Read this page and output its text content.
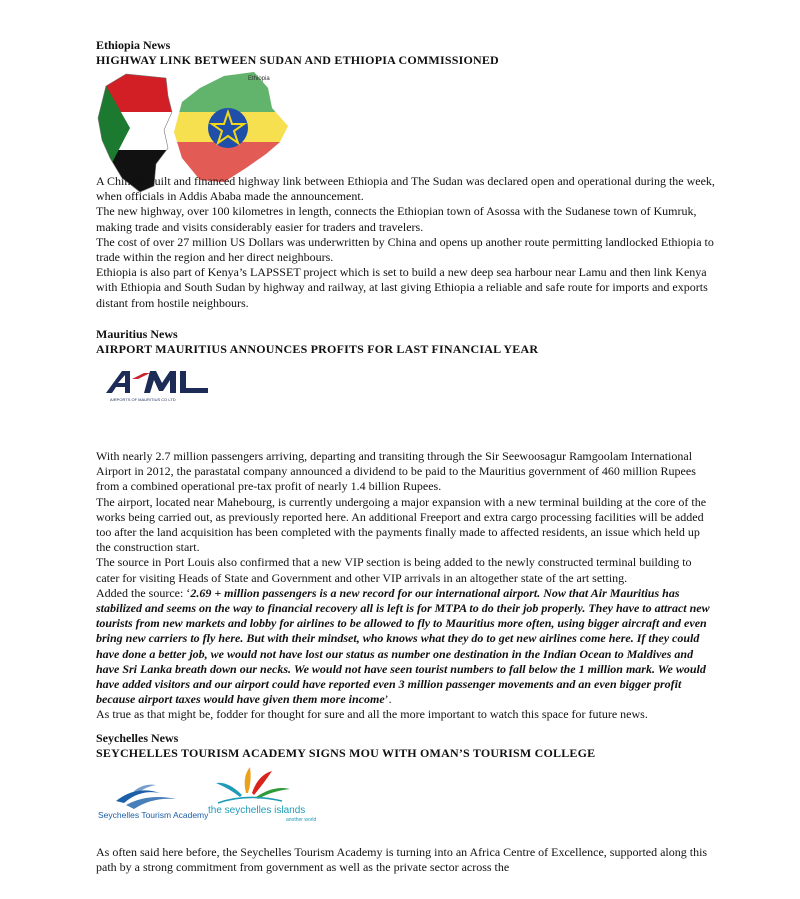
Ethiopia News

HIGHWAY LINK BETWEEN SUDAN AND ETHIOPIA COMMISSIONED

Ethiopia

A Chinese built and financed highway link between Ethiopia and The Sudan was declared open and operational during the week, when officials in Addis Ababa made the announcement.

The new highway, over 100 kilometres in length, connects the Ethiopian town of Asossa with the Sudanese town of Kumruk, making trade and visits considerably easier for traders and travelers.

The cost of over 27 million US Dollars was underwritten by China and opens up another route permitting landlocked Ethiopia to trade within the region and her direct neighbours.

Ethiopia is also part of Kenya’s LAPSSET project which is set to build a new deep sea harbour near Lamu and then link Kenya with Ethiopia and South Sudan by highway and railway, at last giving Ethiopia a reliable and safe route for imports and exports distant from hostile neighbours.

Mauritius News

AIRPORT MAURITIUS ANNOUNCES PROFITS FOR LAST FINANCIAL YEAR

AIRPORTS OF MAURITIUS CO LTD

With nearly 2.7 million passengers arriving, departing and transiting through the Sir Seewoosagur Ramgoolam International Airport in 2012, the parastatal company announced a dividend to be paid to the Mauritius government of 460 million Rupees from a combined operational pre-tax profit of nearly 1.4 billion Rupees.

The airport, located near Mahebourg, is currently undergoing a major expansion with a new terminal building at the core of the works being carried out, as previously reported here. An additional Freeport and extra cargo processing facilities will be added too after the land acquisition has been completed with the payments finally made to affected residents, an issue which held up the construction start.

The source in Port Louis also confirmed that a new VIP section is being added to the newly constructed terminal building to cater for visiting Heads of State and Government and other VIP arrivals in an altogether state of the art setting.

Added the source: ‘2.69 + million passengers is a new record for our international airport. Now that Air Mauritius has stabilized and seems on the way to financial recovery all is left is for MTPA to do their job properly. They have to attract new tourists from new markets and lobby for airlines to be allowed to fly to Mauritius more often, using bigger aircraft and even bring new carriers to fly here. But with their mindset, who knows what they do to get new airlines come here. If they could have done a better job, we would not have lost our status as number one destination in the Indian Ocean to Maldives and have Sri Lanka breath down our necks. We would not have seen tourist numbers to fall below the 1 million mark. We would have added visitors and our airport could have reported even 3 million passenger movements and an even bigger profit because airport taxes would have given them more income’.

As true as that might be, fodder for thought for sure and all the more important to watch this space for future news.

Seychelles News

SEYCHELLES TOURISM ACADEMY SIGNS MOU WITH OMAN’S TOURISM COLLEGE

Seychelles Tourism Academy the seychelles islands
another world

As often said here before, the Seychelles Tourism Academy is turning into an Africa Centre of Excellence, supported along this path by a strong commitment from government as well as the private sector across the
